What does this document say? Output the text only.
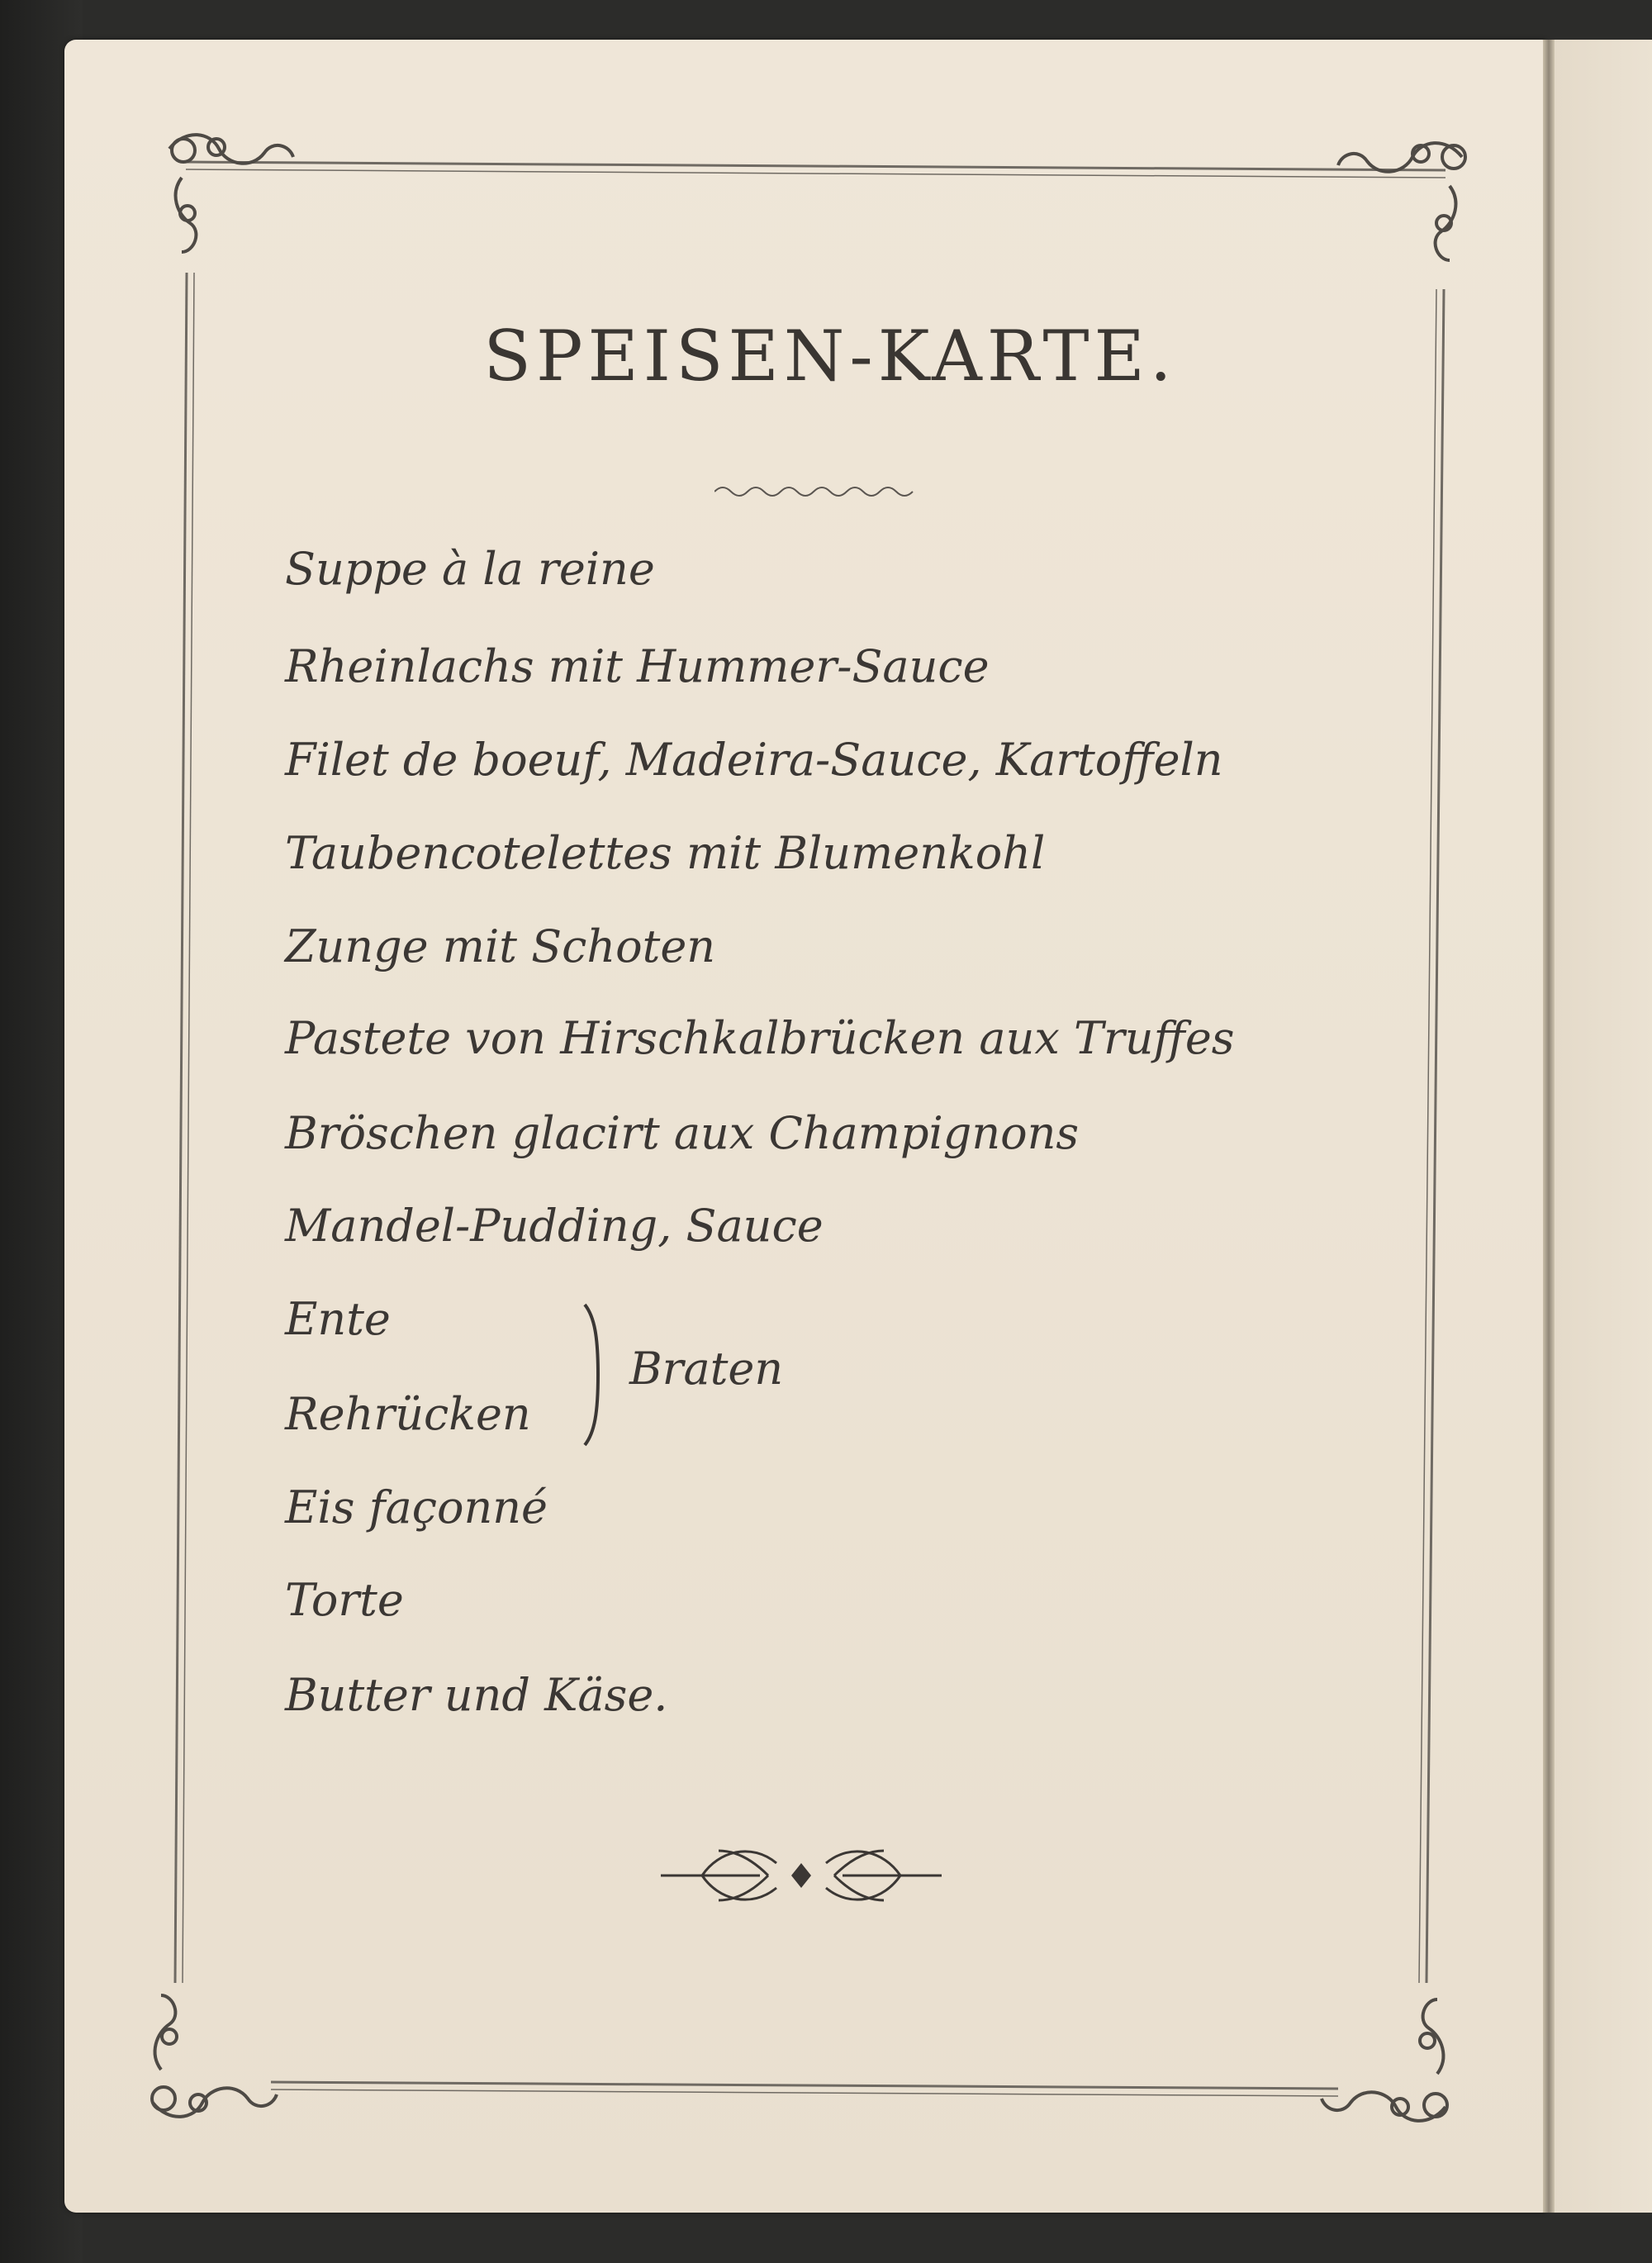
SPEISEN-KARTE.

Suppe à la reine

Rheinlachs mit Hummer-Sauce

Filet de boeuf, Madeira-Sauce, Kartoffeln

Taubencotelettes mit Blumenkohl

Zunge mit Schoten

Pastete von Hirschkalbrücken aux Truffes

Bröschen glacirt aux Champignons

Mandel-Pudding, Sauce

Ente

Rehrücken

Eis façonné

Torte

Butter und Käse.

Braten
